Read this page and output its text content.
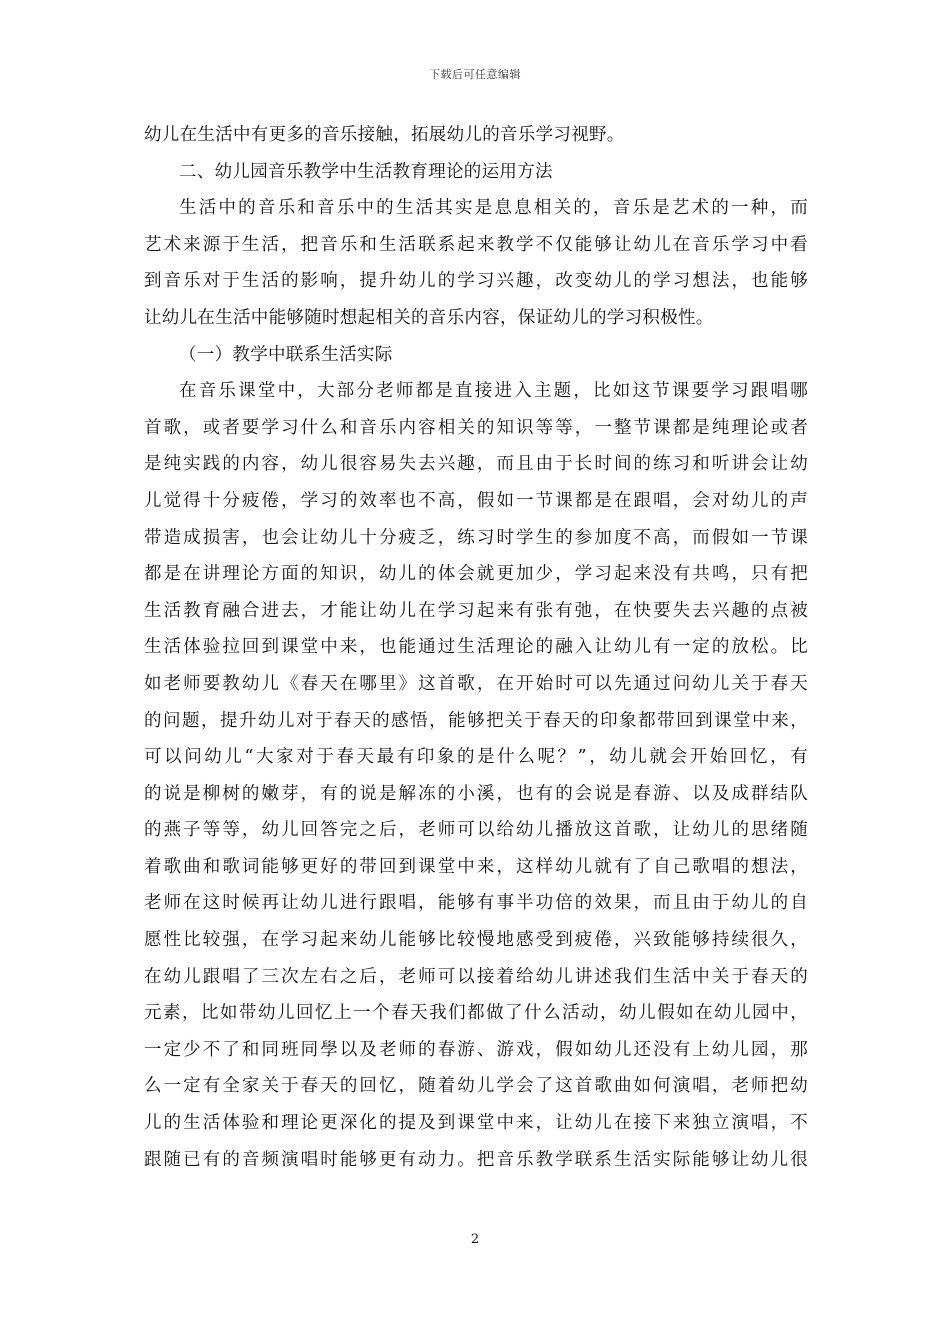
下载后可任意编辑
幼儿在生活中有更多的音乐接触，拓展幼儿的音乐学习视野。
二、幼儿园音乐教学中生活教育理论的运用方法
生活中的音乐和音乐中的生活其实是息息相关的，音乐是艺术的一种，而
艺术来源于生活，把音乐和生活联系起来教学不仅能够让幼儿在音乐学习中看
到音乐对于生活的影响，提升幼儿的学习兴趣，改变幼儿的学习想法，也能够
让幼儿在生活中能够随时想起相关的音乐内容，保证幼儿的学习积极性。
（一）教学中联系生活实际
在音乐课堂中，大部分老师都是直接进入主题，比如这节课要学习跟唱哪
首歌，或者要学习什么和音乐内容相关的知识等等，一整节课都是纯理论或者
是纯实践的内容，幼儿很容易失去兴趣，而且由于长时间的练习和听讲会让幼
儿觉得十分疲倦，学习的效率也不高，假如一节课都是在跟唱，会对幼儿的声
带造成损害，也会让幼儿十分疲乏，练习时学生的参加度不高，而假如一节课
都是在讲理论方面的知识，幼儿的体会就更加少，学习起来没有共鸣，只有把
生活教育融合进去，才能让幼儿在学习起来有张有弛，在快要失去兴趣的点被
生活体验拉回到课堂中来，也能通过生活理论的融入让幼儿有一定的放松。比
如老师要教幼儿《春天在哪里》这首歌，在开始时可以先通过问幼儿关于春天
的问题，提升幼儿对于春天的感悟，能够把关于春天的印象都带回到课堂中来，
可以问幼儿“大家对于春天最有印象的是什么呢？”，幼儿就会开始回忆，有
的说是柳树的嫩芽，有的说是解冻的小溪，也有的会说是春游、以及成群结队
的燕子等等，幼儿回答完之后，老师可以给幼儿播放这首歌，让幼儿的思绪随
着歌曲和歌词能够更好的带回到课堂中来，这样幼儿就有了自己歌唱的想法，
老师在这时候再让幼儿进行跟唱，能够有事半功倍的效果，而且由于幼儿的自
愿性比较强，在学习起来幼儿能够比较慢地感受到疲倦，兴致能够持续很久，
在幼儿跟唱了三次左右之后，老师可以接着给幼儿讲述我们生活中关于春天的
元素，比如带幼儿回忆上一个春天我们都做了什么活动，幼儿假如在幼儿园中，
一定少不了和同班同學以及老师的春游、游戏，假如幼儿还没有上幼儿园，那
么一定有全家关于春天的回忆，随着幼儿学会了这首歌曲如何演唱，老师把幼
儿的生活体验和理论更深化的提及到课堂中来，让幼儿在接下来独立演唱，不
跟随已有的音频演唱时能够更有动力。把音乐教学联系生活实际能够让幼儿很
2
